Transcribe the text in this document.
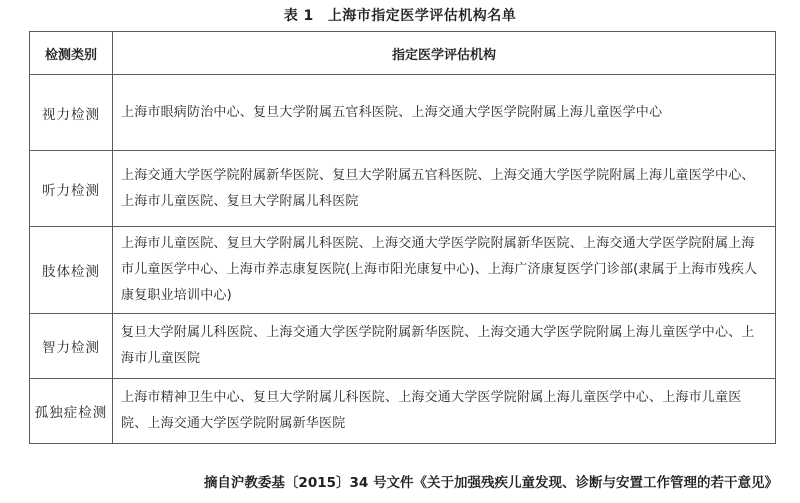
表 1 上海市指定医学评估机构名单
检测类别	指定医学评估机构
视力检测	上海市眼病防治中心、复旦大学附属五官科医院、上海交通大学医学院附属上海儿童医学中心
听力检测	上海交通大学医学院附属新华医院、复旦大学附属五官科医院、上海交通大学医学院附属上海儿童医学中心、上海市儿童医院、复旦大学附属儿科医院
肢体检测	上海市儿童医院、复旦大学附属儿科医院、上海交通大学医学院附属新华医院、上海交通大学医学院附属上海市儿童医学中心、上海市养志康复医院(上海市阳光康复中心)、上海广济康复医学门诊部(隶属于上海市残疾人康复职业培训中心)
智力检测	复旦大学附属儿科医院、上海交通大学医学院附属新华医院、上海交通大学医学院附属上海儿童医学中心、上海市儿童医院
孤独症检测	上海市精神卫生中心、复旦大学附属儿科医院、上海交通大学医学院附属上海儿童医学中心、上海市儿童医院、上海交通大学医学院附属新华医院
摘自沪教委基〔2015〕34 号文件《关于加强残疾儿童发现、诊断与安置工作管理的若干意见》
